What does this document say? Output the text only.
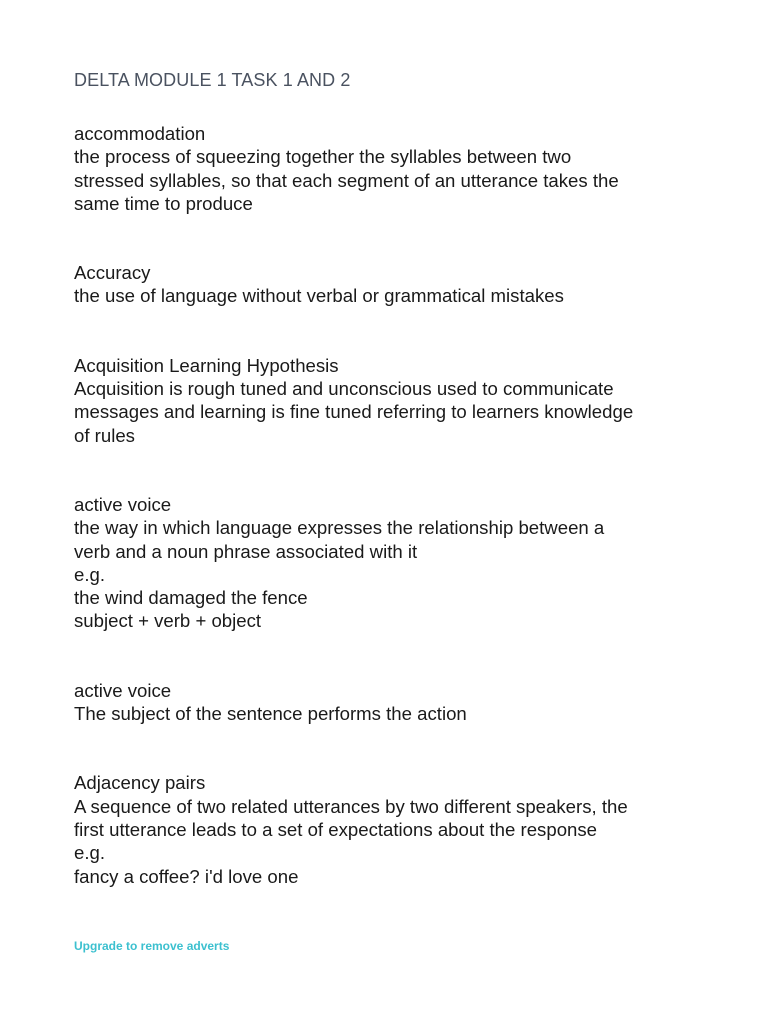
DELTA MODULE 1 TASK 1 AND 2
accommodation
the process of squeezing together the syllables between two
stressed syllables, so that each segment of an utterance takes the
same time to produce
Accuracy
the use of language without verbal or grammatical mistakes
Acquisition Learning Hypothesis
Acquisition is rough tuned and unconscious used to communicate
messages and learning is fine tuned referring to learners knowledge
of rules
active voice
the way in which language expresses the relationship between a
verb and a noun phrase associated with it
e.g.
the wind damaged the fence
subject + verb + object
active voice
The subject of the sentence performs the action
Adjacency pairs
A sequence of two related utterances by two different speakers, the
first utterance leads to a set of expectations about the response
e.g.
fancy a coffee? i'd love one
Upgrade to remove adverts
